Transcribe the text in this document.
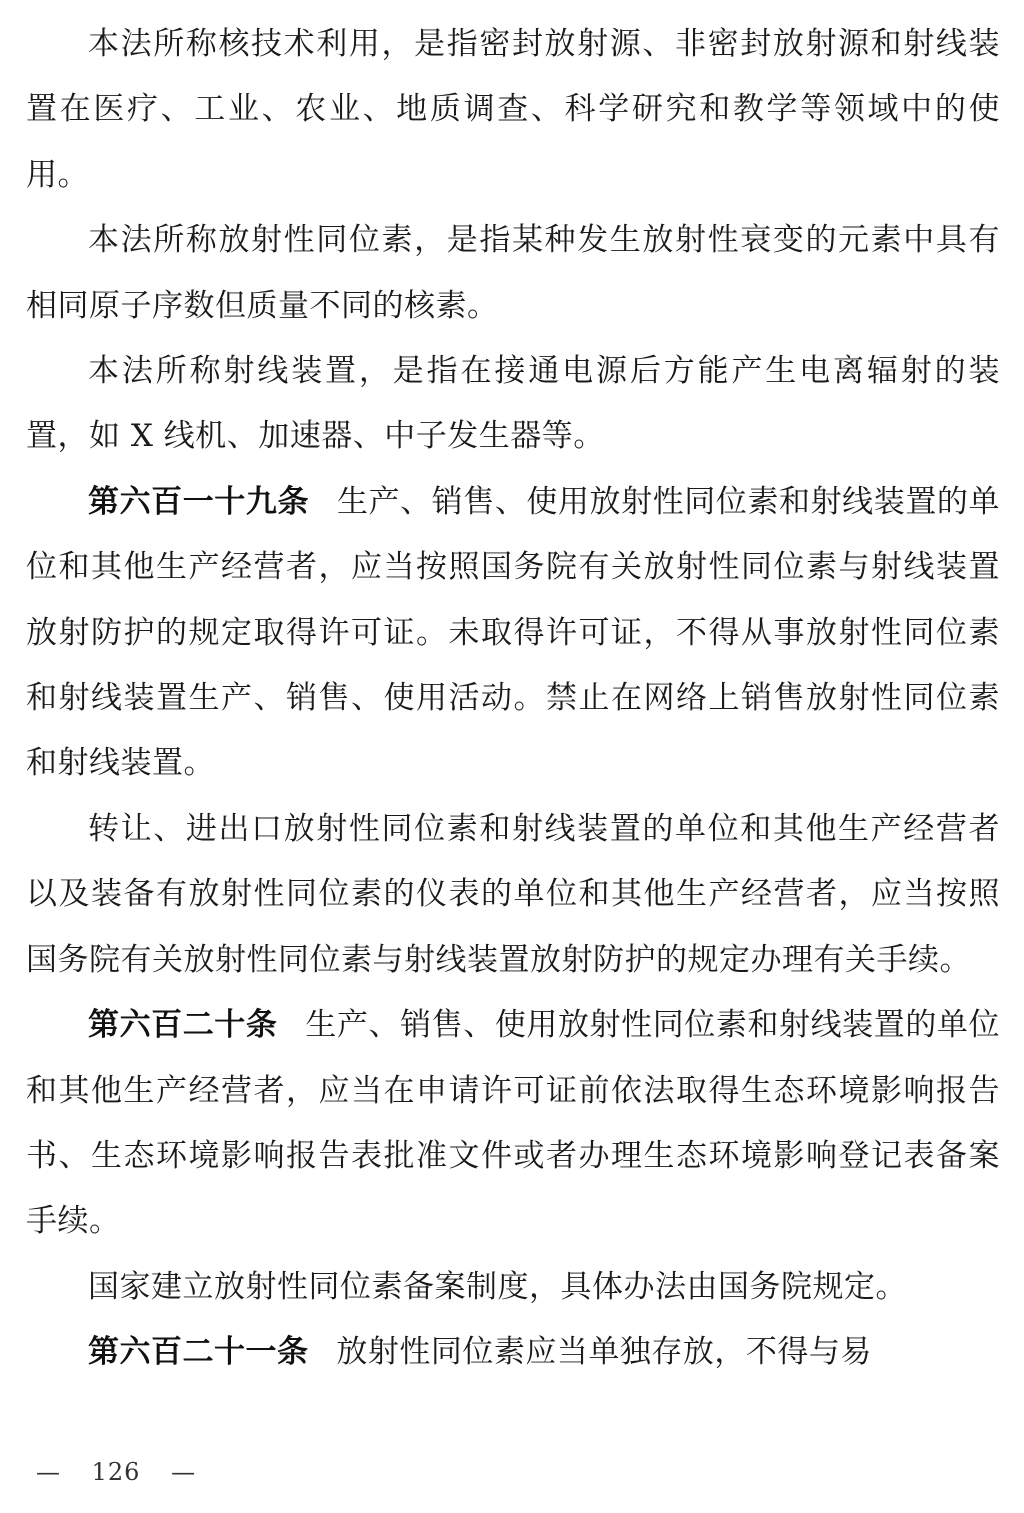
本法所称核技术利用，是指密封放射源、非密封放射源和射线装置在医疗、工业、农业、地质调查、科学研究和教学等领域中的使用。

本法所称放射性同位素，是指某种发生放射性衰变的元素中具有相同原子序数但质量不同的核素。

本法所称射线装置，是指在接通电源后方能产生电离辐射的装置，如 X 线机、加速器、中子发生器等。

第六百一十九条 生产、销售、使用放射性同位素和射线装置的单位和其他生产经营者，应当按照国务院有关放射性同位素与射线装置放射防护的规定取得许可证。未取得许可证，不得从事放射性同位素和射线装置生产、销售、使用活动。禁止在网络上销售放射性同位素和射线装置。

转让、进出口放射性同位素和射线装置的单位和其他生产经营者以及装备有放射性同位素的仪表的单位和其他生产经营者，应当按照国务院有关放射性同位素与射线装置放射防护的规定办理有关手续。

第六百二十条 生产、销售、使用放射性同位素和射线装置的单位和其他生产经营者，应当在申请许可证前依法取得生态环境影响报告书、生态环境影响报告表批准文件或者办理生态环境影响登记表备案手续。

国家建立放射性同位素备案制度，具体办法由国务院规定。

第六百二十一条 放射性同位素应当单独存放，不得与易

— 126 —
